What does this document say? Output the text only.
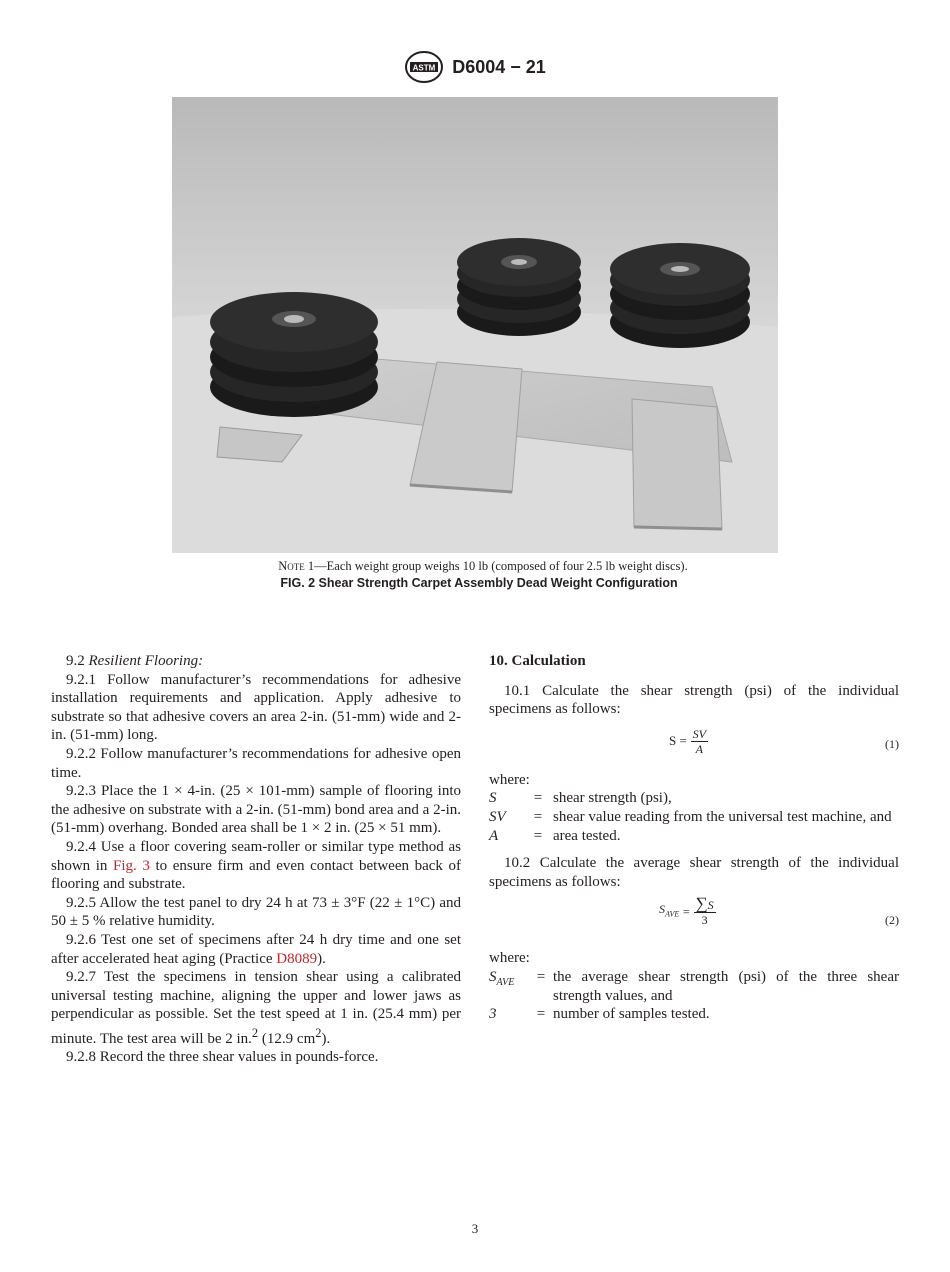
ASTM D6004 − 21
Note 1—Each weight group weighs 10 lb (composed of four 2.5 lb weight discs).
FIG. 2 Shear Strength Carpet Assembly Dead Weight Configuration

9.2 Resilient Flooring:

9.2.1 Follow manufacturer’s recommendations for adhesive installation requirements and application. Apply adhesive to substrate so that adhesive covers an area 2-in. (51-mm) wide and 2-in. (51-mm) long.

9.2.2 Follow manufacturer’s recommendations for adhesive open time.

9.2.3 Place the 1 × 4-in. (25 × 101-mm) sample of flooring into the adhesive on substrate with a 2-in. (51-mm) bond area and a 2-in. (51-mm) overhang. Bonded area shall be 1 × 2 in. (25 × 51 mm).

9.2.4 Use a floor covering seam-roller or similar type method as shown in Fig. 3 to ensure firm and even contact between back of flooring and substrate.

9.2.5 Allow the test panel to dry 24 h at 73 ± 3°F (22 ± 1°C) and 50 ± 5 % relative humidity.

9.2.6 Test one set of specimens after 24 h dry time and one set after accelerated heat aging (Practice D8089).

9.2.7 Test the specimens in tension shear using a calibrated universal testing machine, aligning the upper and lower jaws as perpendicular as possible. Set the test speed at 1 in. (25.4 mm) per minute. The test area will be 2 in.$^2$ (12.9 $cm^2$).

9.2.8 Record the three shear values in pounds-force.

10. Calculation

10.1 Calculate the shear strength (psi) of the individual specimens as follows:

$S = \frac{SV}{A}$	(1)

where:

S	=	shear strength (psi),
SV	=	shear value reading from the universal test machine, and
A	=	area tested.

10.2 Calculate the average shear strength of the individual specimens as follows:

$S_{AVE} = \frac{\sum S}{3}$	(2)

where:

$S_{AVE}$	=	the average shear strength (psi) of the three shear strength values, and
3	=	number of samples tested.
3
